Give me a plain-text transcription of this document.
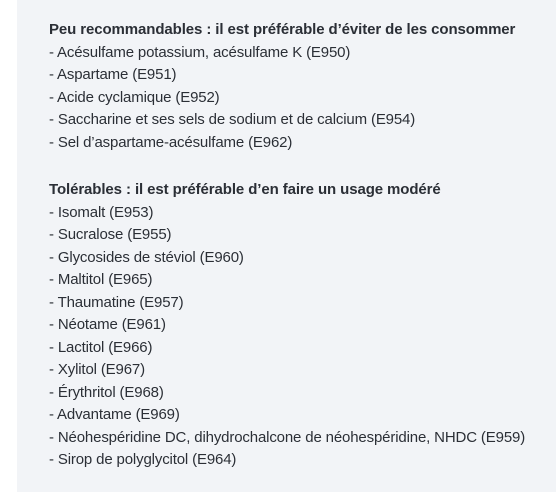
Peu recommandables : il est préférable d’éviter de les consommer

- Acésulfame potassium, acésulfame K (E950)
- Aspartame (E951)
- Acide cyclamique (E952)
- Saccharine et ses sels de sodium et de calcium (E954)
- Sel d’aspartame-acésulfame (E962)

Tolérables : il est préférable d’en faire un usage modéré

- Isomalt (E953)
- Sucralose (E955)
- Glycosides de stéviol (E960)
- Maltitol (E965)
- Thaumatine (E957)
- Néotame (E961)
- Lactitol (E966)
- Xylitol (E967)
- Érythritol (E968)
- Advantame (E969)
- Néohespéridine DC, dihydrochalcone de néohespéridine, NHDC (E959)
- Sirop de polyglycitol (E964)
